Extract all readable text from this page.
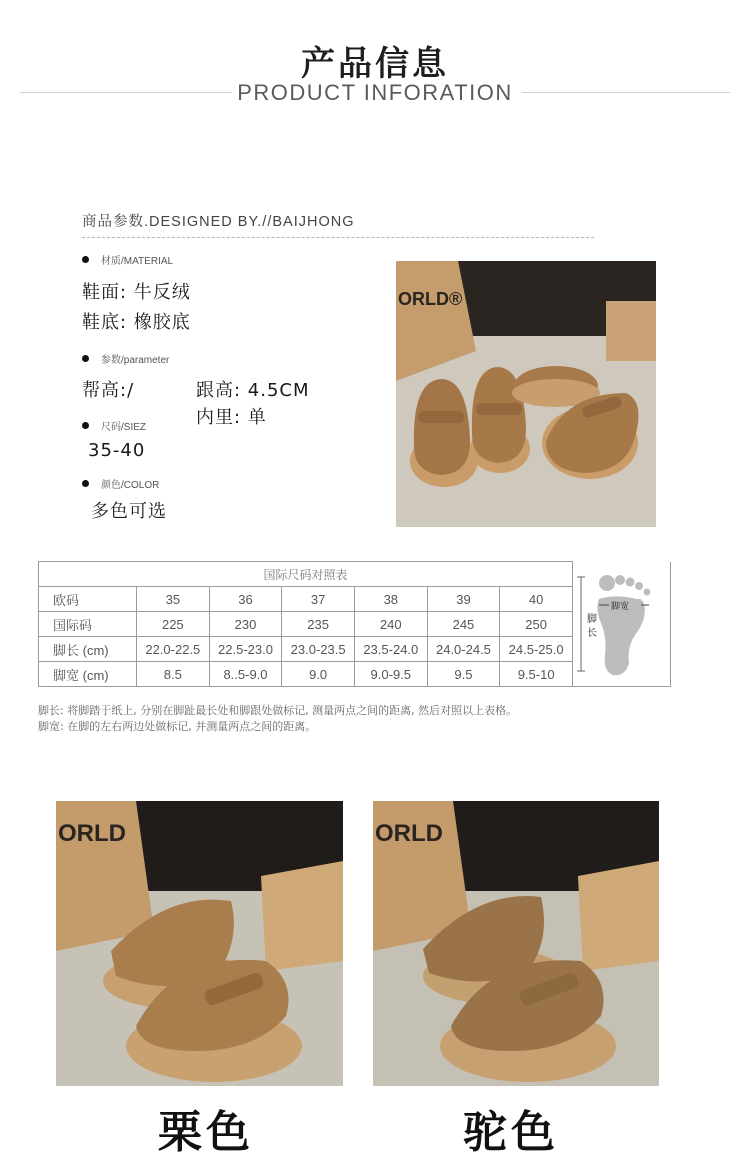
产品信息
PRODUCT INFORATION
商品参数.DESIGNED BY.//BAIJHONG
材质/MATERIAL
鞋面: 牛反绒
鞋底: 橡胶底
参数/parameter
帮高:/	跟高: 4.5CM
内里: 单
尺码/SIEZ
35-40
颜色/COLOR
多色可选
ORLD®
国际尺码对照表							脚长
脚宽

欧码	35	36	37	38	39	40	
国际码	225	230	235	240	245	250	
脚长 (cm)	22.0-22.5	22.5-23.0	23.0-23.5	23.5-24.0	24.0-24.5	24.5-25.0	
脚宽 (cm)	8.5	8..5-9.0	9.0	9.0-9.5	9.5	9.5-10	
脚长: 将脚踏于纸上, 分别在脚趾最长处和脚跟处做标记, 测量两点之间的距离, 然后对照以上表格。
脚宽: 在脚的左右两边处做标记, 并测量两点之间的距离。
ORLD	ORLD
栗色	驼色
